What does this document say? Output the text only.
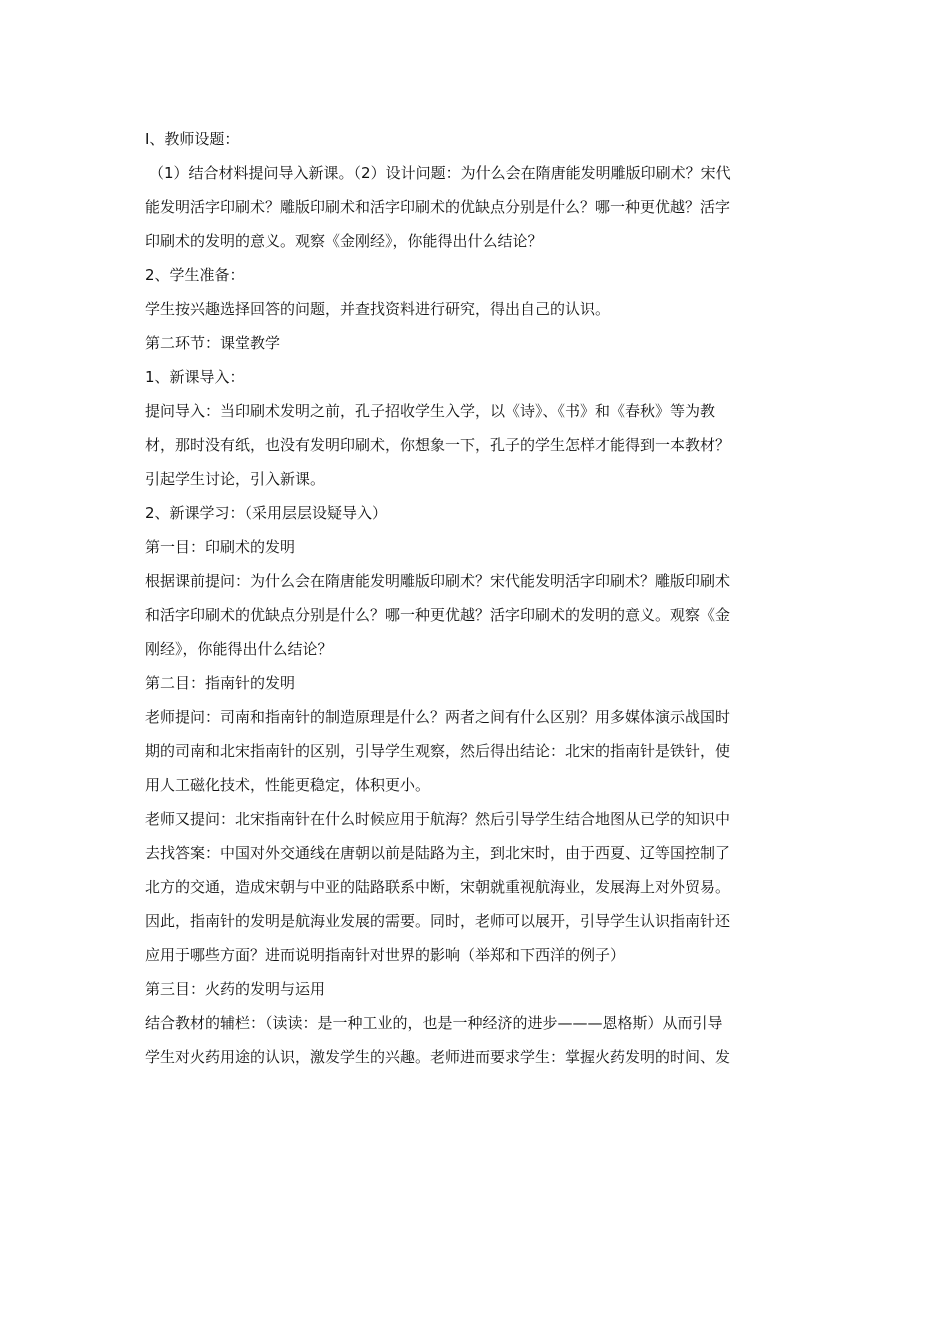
Ⅰ、教师设题：
（1）结合材料提问导入新课。（2）设计问题：为什么会在隋唐能发明雕版印刷术？宋代
能发明活字印刷术？雕版印刷术和活字印刷术的优缺点分别是什么？哪一种更优越？活字
印刷术的发明的意义。观察《金刚经》，你能得出什么结论？
2、学生准备：
学生按兴趣选择回答的问题，并查找资料进行研究，得出自己的认识。
第二环节：课堂教学
1、新课导入：
提问导入：当印刷术发明之前，孔子招收学生入学，以《诗》、《书》和《春秋》等为教
材，那时没有纸，也没有发明印刷术，你想象一下，孔子的学生怎样才能得到一本教材？
引起学生讨论，引入新课。
2、新课学习：（采用层层设疑导入）
第一目：印刷术的发明
根据课前提问：为什么会在隋唐能发明雕版印刷术？宋代能发明活字印刷术？雕版印刷术
和活字印刷术的优缺点分别是什么？哪一种更优越？活字印刷术的发明的意义。观察《金
刚经》，你能得出什么结论？
第二目：指南针的发明
老师提问：司南和指南针的制造原理是什么？两者之间有什么区别？用多媒体演示战国时
期的司南和北宋指南针的区别，引导学生观察，然后得出结论：北宋的指南针是铁针，使
用人工磁化技术，性能更稳定，体积更小。
老师又提问：北宋指南针在什么时候应用于航海？然后引导学生结合地图从已学的知识中
去找答案：中国对外交通线在唐朝以前是陆路为主，到北宋时，由于西夏、辽等国控制了
北方的交通，造成宋朝与中亚的陆路联系中断，宋朝就重视航海业，发展海上对外贸易。
因此，指南针的发明是航海业发展的需要。同时，老师可以展开，引导学生认识指南针还
应用于哪些方面？进而说明指南针对世界的影响（举郑和下西洋的例子）
第三目：火药的发明与运用
结合教材的辅栏：（读读：是一种工业的，也是一种经济的进步———恩格斯）从而引导
学生对火药用途的认识，激发学生的兴趣。老师进而要求学生：掌握火药发明的时间、发
